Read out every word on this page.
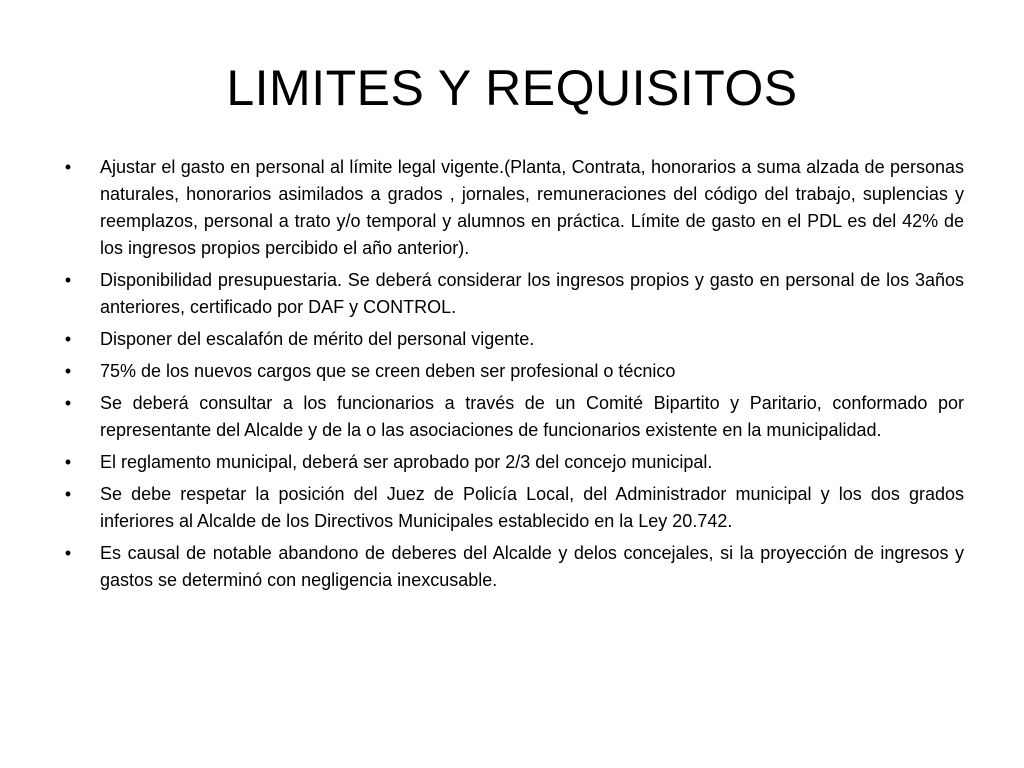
LIMITES Y REQUISITOS
• Ajustar el gasto en personal al límite legal vigente.(Planta, Contrata, honorarios a suma alzada de personas naturales, honorarios asimilados a grados , jornales, remuneraciones del código del trabajo, suplencias y reemplazos, personal a trato y/o temporal y alumnos en práctica. Límite de gasto en el PDL es del 42% de los ingresos propios percibido el año anterior).
• Disponibilidad presupuestaria. Se deberá considerar los ingresos propios y gasto en personal de los 3años anteriores, certificado por DAF y CONTROL.
• Disponer del escalafón de mérito del personal vigente.
• 75% de los nuevos cargos que se creen deben ser profesional o técnico
• Se deberá consultar a los funcionarios a través de un Comité Bipartito y Paritario, conformado por representante del Alcalde y de la o las asociaciones de funcionarios existente en la municipalidad.
• El reglamento municipal, deberá ser aprobado por 2/3 del concejo municipal.
• Se debe respetar la posición del Juez de Policía Local, del Administrador municipal y los dos grados inferiores al Alcalde de los Directivos Municipales establecido en la Ley 20.742.
• Es causal de notable abandono de deberes del Alcalde y delos concejales, si la proyección de ingresos y gastos se determinó con negligencia inexcusable.
